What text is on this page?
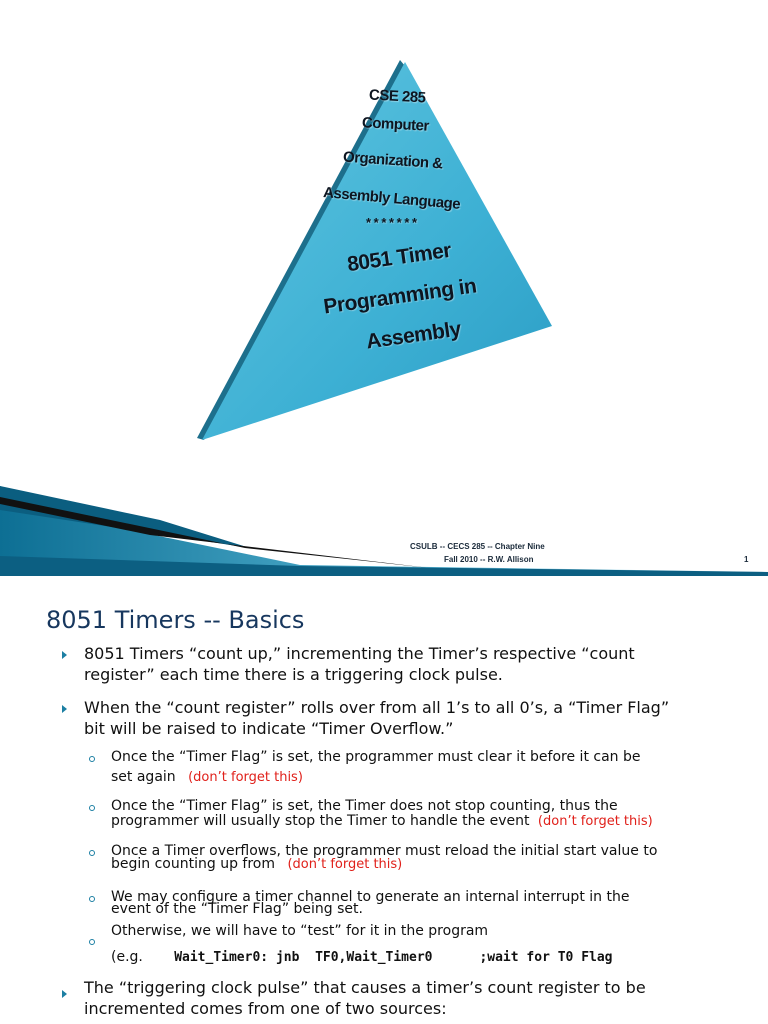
CSE 285
Computer
Organization &
Assembly Language
* * * * * * *
8051 Timer
Programming in
Assembly
CSULB -- CECS 285 -- Chapter Nine
Fall 2010 -- R.W. Allison	1
8051 Timers -- Basics
8051 Timers “count up,” incrementing the Timer’s respective “count
register” each time there is a triggering clock pulse.
When the “count register” rolls over from all 1’s to all 0’s, a “Timer Flag”
bit will be raised to indicate “Timer Overflow.”
Once the “Timer Flag” is set, the programmer must clear it before it can be
set again (don’t forget this)
Once the “Timer Flag” is set, the Timer does not stop counting, thus the
programmer will usually stop the Timer to handle the event (don’t forget this)
Once a Timer overflows, the programmer must reload the initial start value to
begin counting up from (don’t forget this)
We may configure a timer channel to generate an internal interrupt in the
event of the “Timer Flag” being set.
Otherwise, we will have to “test” for it in the program
(e.g. Wait_Timer0: jnb TF0,Wait_Timer0	;wait for T0 Flag
The “triggering clock pulse” that causes a timer’s count register to be
incremented comes from one of two sources:
